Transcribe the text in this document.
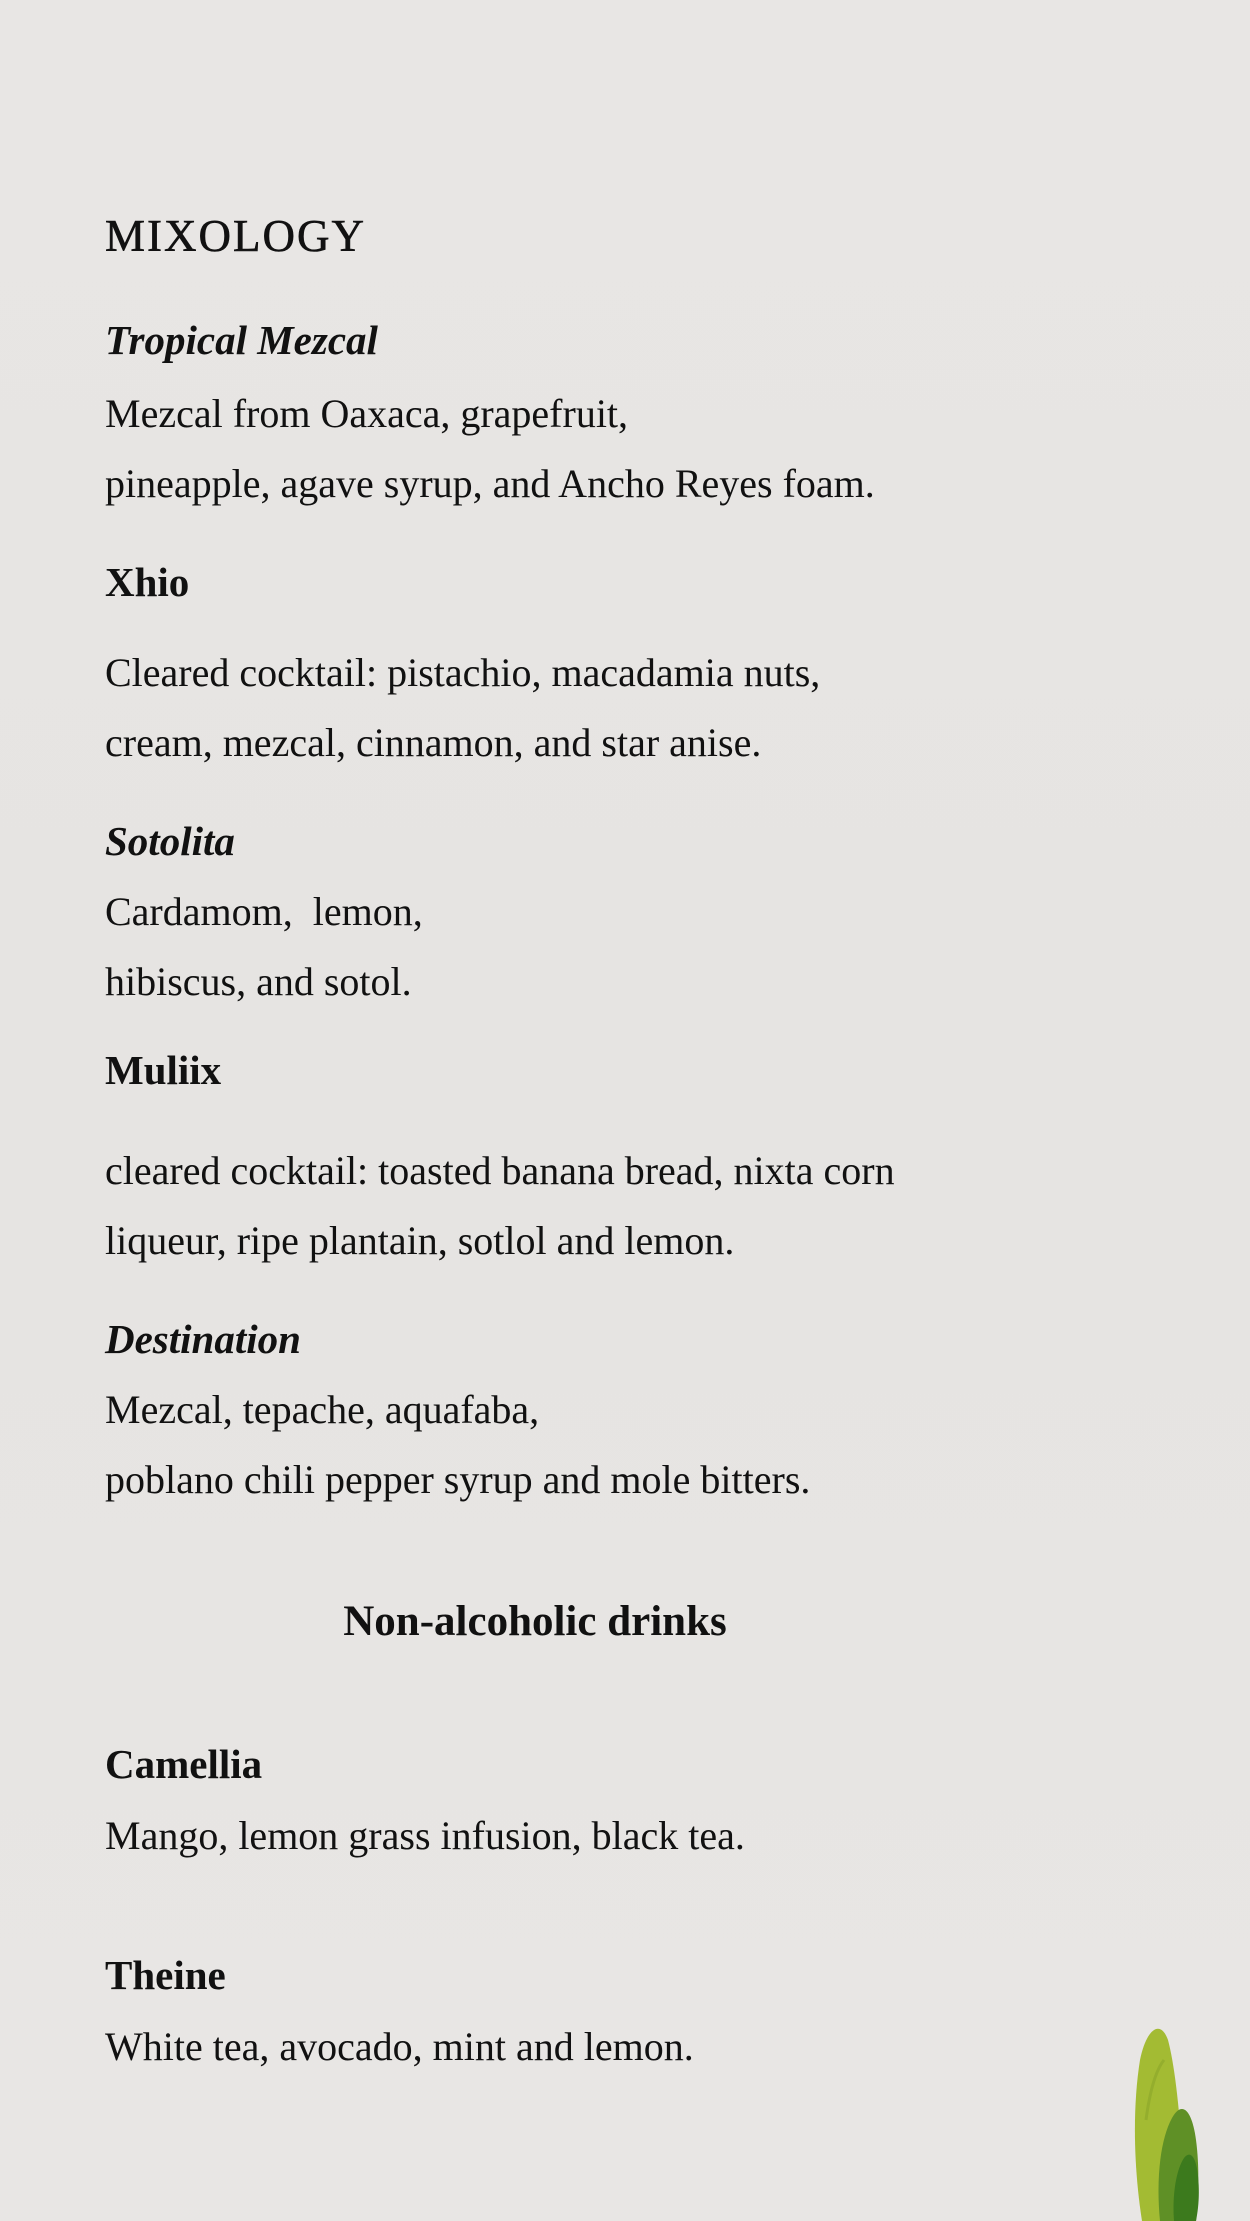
MIXOLOGY
Tropical Mezcal
Mezcal from Oaxaca, grapefruit,
pineapple, agave syrup, and Ancho Reyes foam.
Xhio
Cleared cocktail: pistachio, macadamia nuts,
cream, mezcal, cinnamon, and star anise.
Sotolita
Cardamom,  lemon,
hibiscus, and sotol.
Muliix
cleared cocktail: toasted banana bread, nixta corn
liqueur, ripe plantain, sotlol and lemon.
Destination
Mezcal, tepache, aquafaba,
poblano chili pepper syrup and mole bitters.
Non-alcoholic drinks
Camellia
Mango, lemon grass infusion, black tea.
Theine
White tea, avocado, mint and lemon.
